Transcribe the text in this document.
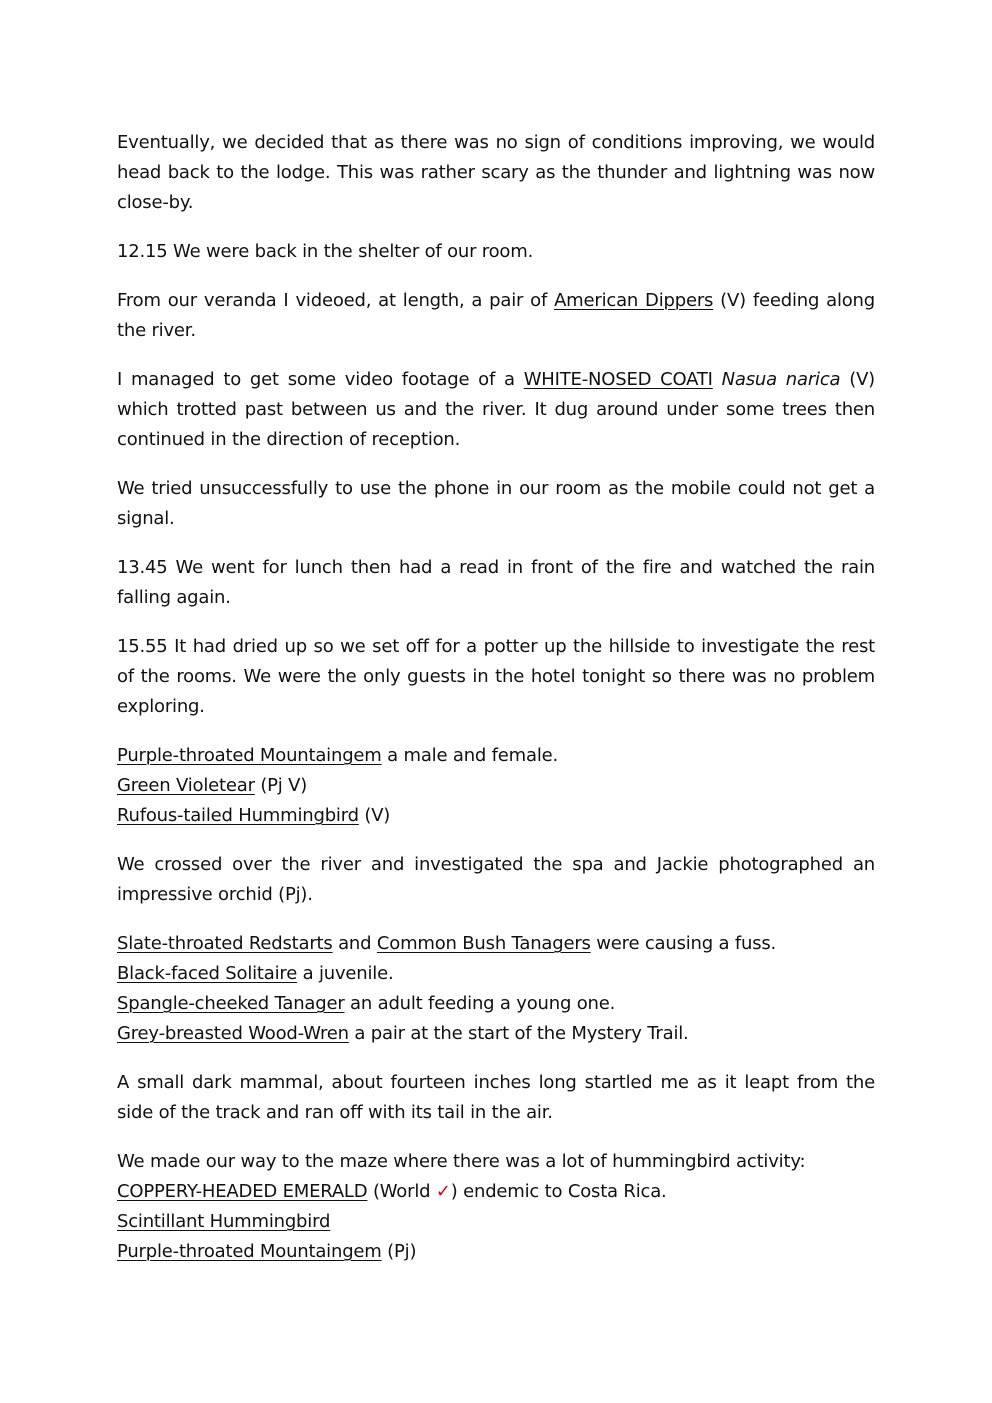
Eventually, we decided that as there was no sign of conditions improving, we would head back to the lodge. This was rather scary as the thunder and lightning was now close-by.

12.15 We were back in the shelter of our room.

From our veranda I videoed, at length, a pair of American Dippers (V) feeding along the river.

I managed to get some video footage of a WHITE-NOSED COATI Nasua narica (V) which trotted past between us and the river. It dug around under some trees then continued in the direction of reception.

We tried unsuccessfully to use the phone in our room as the mobile could not get a signal.

13.45 We went for lunch then had a read in front of the fire and watched the rain falling again.

15.55 It had dried up so we set off for a potter up the hillside to investigate the rest of the rooms. We were the only guests in the hotel tonight so there was no problem exploring.

Purple-throated Mountaingem a male and female.
Green Violetear (Pj V)
Rufous-tailed Hummingbird (V)

We crossed over the river and investigated the spa and Jackie photographed an impressive orchid (Pj).

Slate-throated Redstarts and Common Bush Tanagers were causing a fuss.
Black-faced Solitaire a juvenile.
Spangle-cheeked Tanager an adult feeding a young one.
Grey-breasted Wood-Wren a pair at the start of the Mystery Trail.

A small dark mammal, about fourteen inches long startled me as it leapt from the side of the track and ran off with its tail in the air.

We made our way to the maze where there was a lot of hummingbird activity:
COPPERY-HEADED EMERALD (World ✓) endemic to Costa Rica.
Scintillant Hummingbird
Purple-throated Mountaingem (Pj)
